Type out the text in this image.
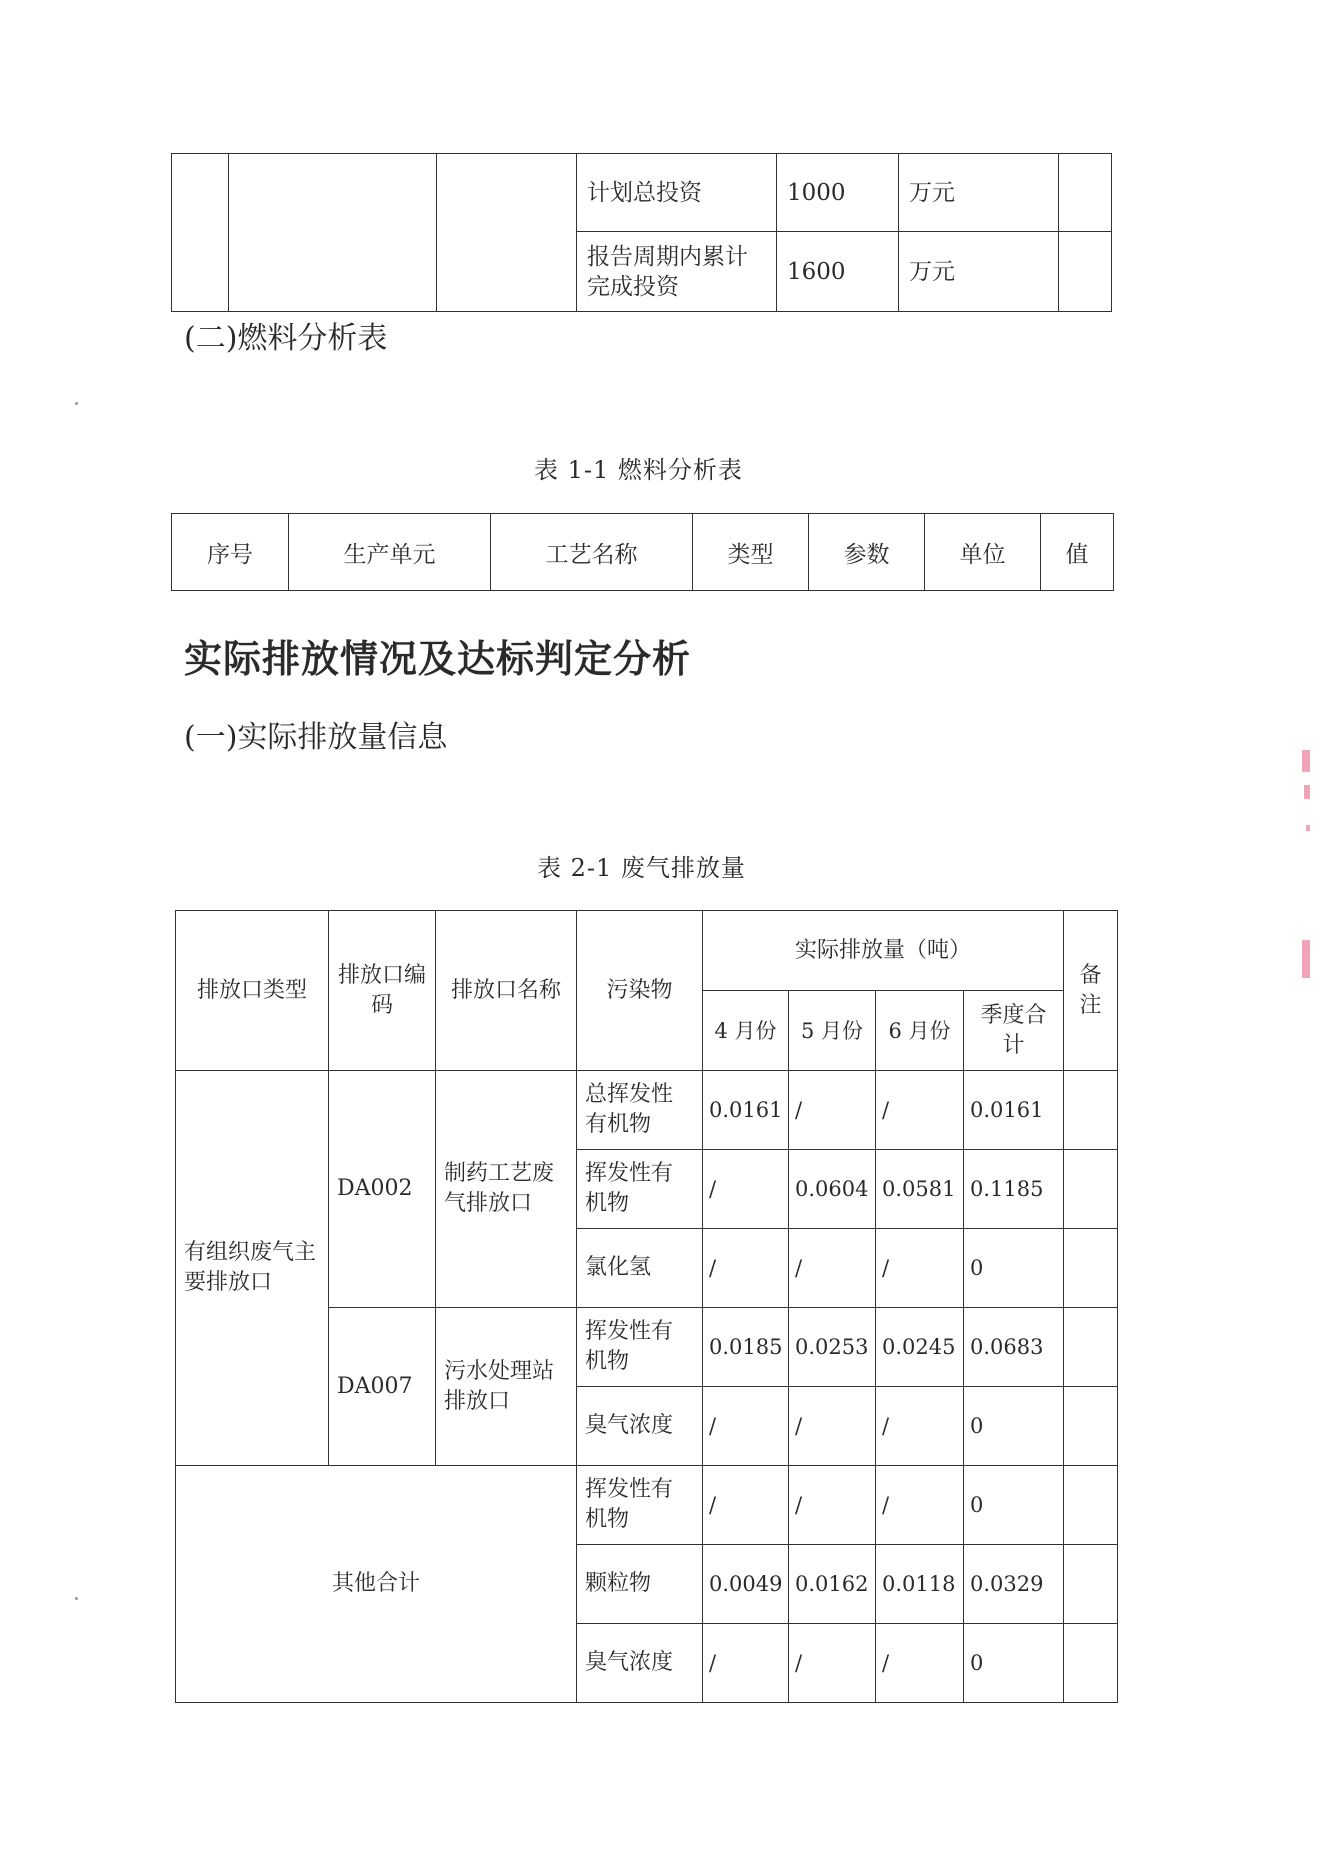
			计划总投资	1000	万元	
			报告周期内累计完成投资	1600	万元	
(二)燃料分析表
表 1-1 燃料分析表
序号	生产单元	工艺名称	类型	参数	单位	值
实际排放情况及达标判定分析
(一)实际排放量信息
表 2-1 废气排放量
排放口类型	排放口编码	排放口名称	污染物	实际排放量（吨）				备注
				4 月份	5 月份	6 月份	季度合计	
有组织废气主要排放口	DA002	制药工艺废气排放口	总挥发性有机物	0.0161	/	/	0.0161	
			挥发性有机物	/	0.0604	0.0581	0.1185	
			氯化氢	/	/	/	0	
	DA007	污水处理站排放口	挥发性有机物	0.0185	0.0253	0.0245	0.0683	
			臭气浓度	/	/	/	0	
其他合计			挥发性有机物	/	/	/	0	
			颗粒物	0.0049	0.0162	0.0118	0.0329	
			臭气浓度	/	/	/	0	
